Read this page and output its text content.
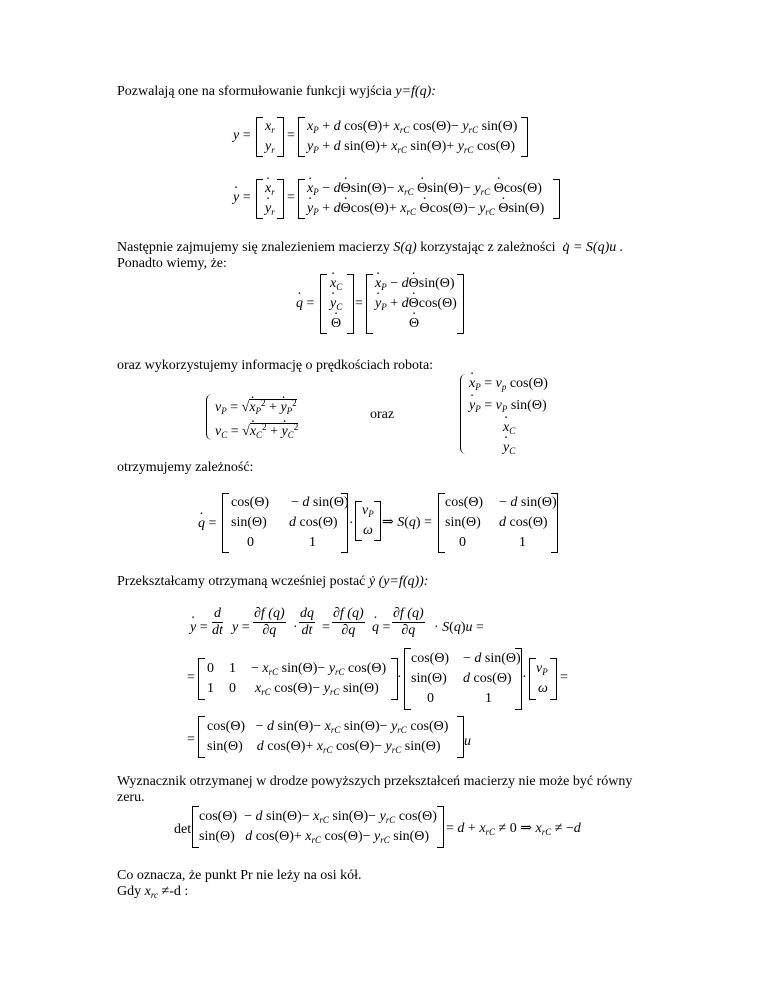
Pozwalają one na sformułowanie funkcji wyjścia y=f(q):
y =
$x_r$
$y_r$
=
$x_P + d$ $\cos(\Theta)+ x_{rC}$ $\cos(\Theta)- y_{rC}$ sin(Θ)
$y_P + d$ $\sin(\Theta)+ x_{rC}$ $\sin(\Theta)+ y_{rC}$ cos(Θ)
y · =
$x \cdot_r$
$y \cdot_r$
=
$x \cdot_P - d\Theta \cdot\sin(\Theta)- x_{rC}$ $\Theta \cdot\sin(\Theta)- y_{rC}$ Θ ·cos(Θ)
$y \cdot_P + d\Theta \cdot\cos(\Theta)+ x_{rC}$ $\Theta \cdot\cos(\Theta)- y_{rC}$ Θ ·sin(Θ)
Następnie zajmujemy się znalezieniem macierzy S(q) korzystając z zależności q̇ = S(q)u .
Ponadto wiemy, że:
q · =
$x \cdot_C$
$y \cdot_C$
Θ ·
=
$x \cdot_P - d\Theta \cdot\sin(\Theta)$
$y \cdot_P + d\Theta \cdot\cos(\Theta)$
Θ ·
oraz wykorzystujemy informację o prędkościach robota:
$v_P = √x \cdot_P^2 + y \cdot_P^2$
$v_C = √x \cdot_C^2 + y \cdot_C^2$
oraz
$x \cdot_P = v_p$ cos(Θ)
$y \cdot_P = v_P$ sin(Θ)
$x \cdot_C$
$y \cdot_C$
otrzymujemy zależność:
q · =
cos(Θ) − d sin(Θ)
sin(Θ) d cos(Θ)
0	1
·
$v_P$
ω
⇒ S(q) =
cos(Θ) − d sin(Θ)
sin(Θ) d cos(Θ)
0	1
Przekształcamy otrzymaną wcześniej postać ẏ (y=f(q)):
y · = $\frac{d}{dt}$ $y = \frac{\partial f (q)}{\partial q} \cdot \frac{dq}{dt} = \frac{\partial f (q)}{\partial q}$ q · = $\frac{\partial f (q)}{\partial q} \cdot S(q)u$ =
=
0 $1 - x_{rC}$ $\sin(\Theta)- y_{rC}$ cos(Θ)
1 0 $x_{rC}$ $\cos(\Theta)- y_{rC}$ sin(Θ)
·
cos(Θ) − d sin(Θ)
sin(Θ) d cos(Θ)
0	1
·
$v_P$
ω
=
=
cos(Θ)   − d $\sin(\Theta)- x_{rC}$ $\sin(\Theta)- y_{rC}$ cos(Θ)
sin(Θ)    d $\cos(\Theta)+ x_{rC}$ $\cos(\Theta)- y_{rC}$ sin(Θ) u
Wyznacznik otrzymanej w drodze powyższych przekształceń macierzy nie może być równy
zeru.
det
cos(Θ)  − d $\sin(\Theta)- x_{rC}$ $\sin(\Theta)- y_{rC}$ cos(Θ)
sin(Θ)   d $\cos(\Theta)+ x_{rC}$ $\cos(\Theta)- y_{rC}$ sin(Θ)
= $d + x_{rC} \ne 0$ ⇒ $x_{rC} \ne -d$
Co oznacza, że punkt Pr nie leży na osi kół.
Gdy $x_{rc} \ne-d$ :
